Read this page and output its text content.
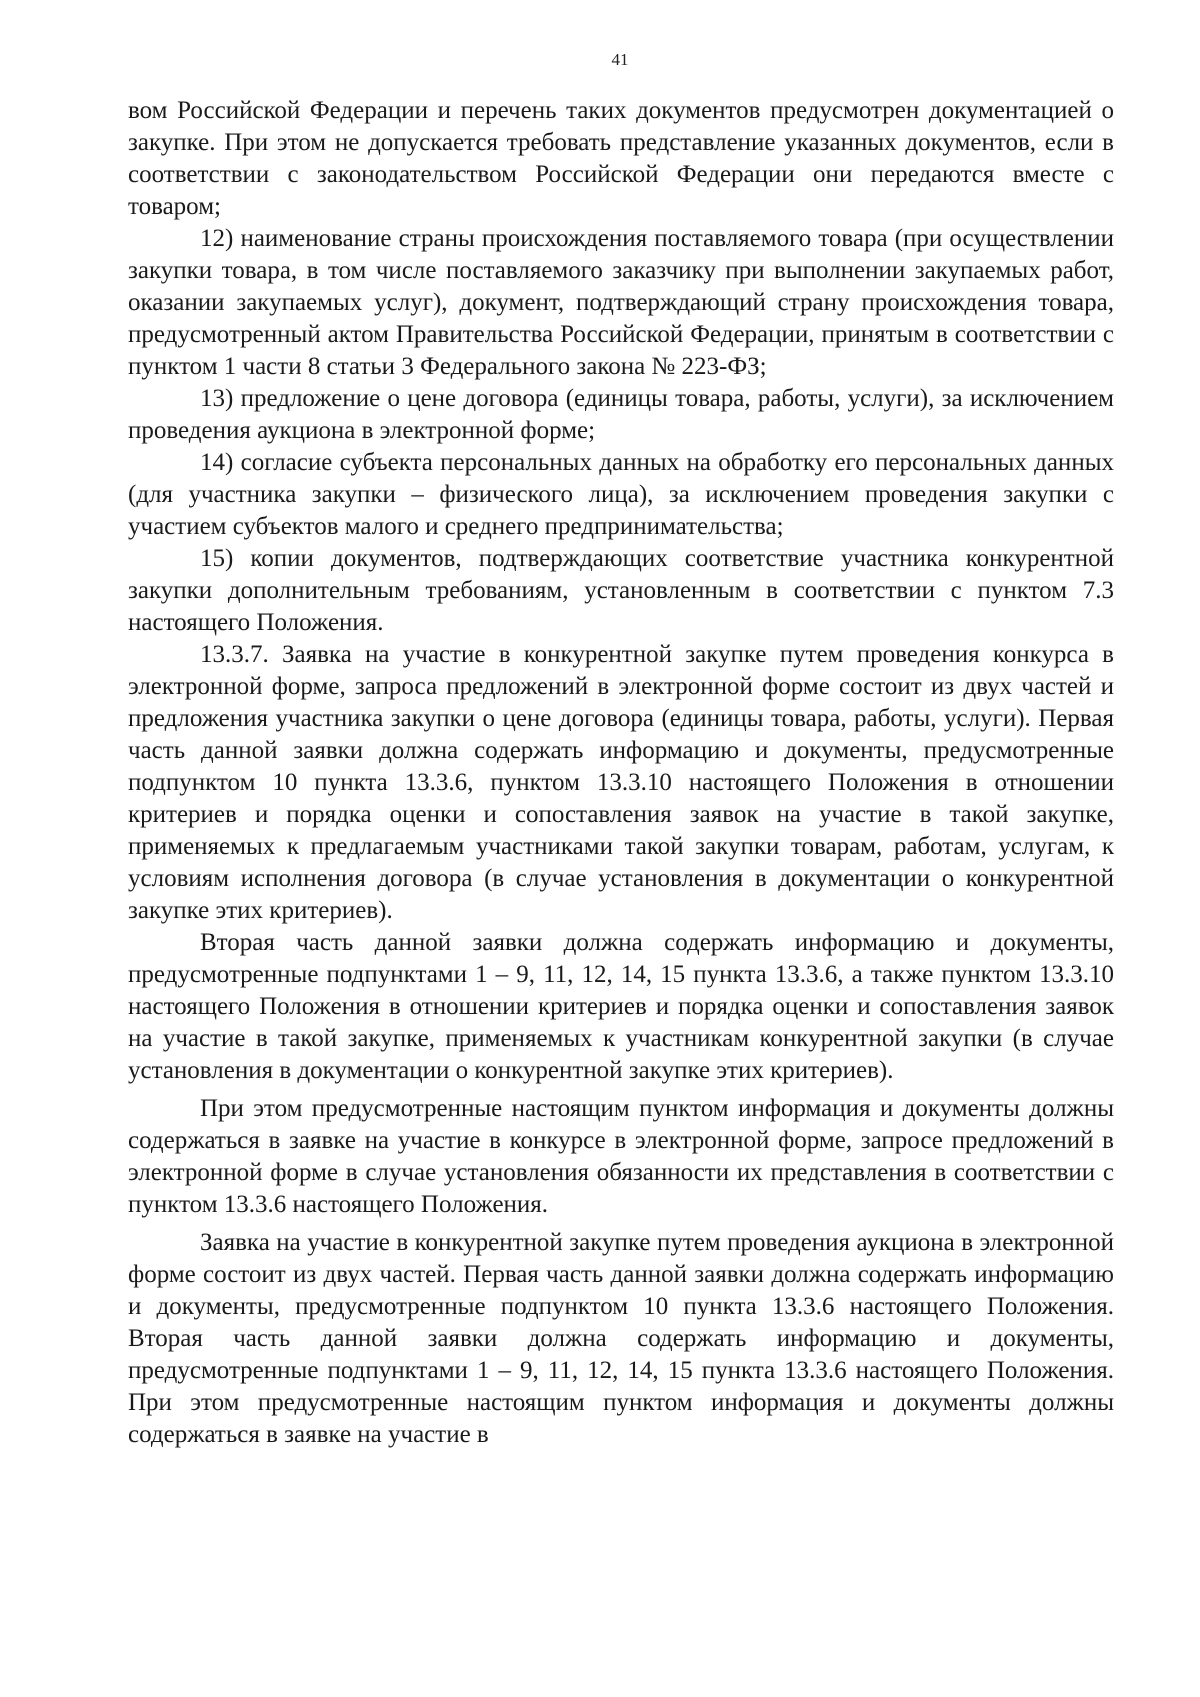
41

вом Российской Федерации и перечень таких документов предусмотрен документацией о закупке. При этом не допускается требовать представление указанных документов, если в соответствии с законодательством Российской Федерации они передаются вместе с товаром;

12) наименование страны происхождения поставляемого товара (при осуществлении закупки товара, в том числе поставляемого заказчику при выполнении закупаемых работ, оказании закупаемых услуг), документ, подтверждающий страну происхождения товара, предусмотренный актом Правительства Российской Федерации, принятым в соответствии с пунктом 1 части 8 статьи 3 Федерального закона № 223-ФЗ;

13) предложение о цене договора (единицы товара, работы, услуги), за исключением проведения аукциона в электронной форме;

14) согласие субъекта персональных данных на обработку его персональных данных (для участника закупки – физического лица), за исключением проведения закупки с участием субъектов малого и среднего предпринимательства;

15) копии документов, подтверждающих соответствие участника конкурентной закупки дополнительным требованиям, установленным в соответствии с пунктом 7.3 настоящего Положения.

13.3.7. Заявка на участие в конкурентной закупке путем проведения конкурса в электронной форме, запроса предложений в электронной форме состоит из двух частей и предложения участника закупки о цене договора (единицы товара, работы, услуги). Первая часть данной заявки должна содержать информацию и документы, предусмотренные подпунктом 10 пункта 13.3.6, пунктом 13.3.10 настоящего Положения в отношении критериев и порядка оценки и сопоставления заявок на участие в такой закупке, применяемых к предлагаемым участниками такой закупки товарам, работам, услугам, к условиям исполнения договора (в случае установления в документации о конкурентной закупке этих критериев).

Вторая часть данной заявки должна содержать информацию и документы, предусмотренные подпунктами 1 – 9, 11, 12, 14, 15 пункта 13.3.6, а также пунктом 13.3.10 настоящего Положения в отношении критериев и порядка оценки и сопоставления заявок на участие в такой закупке, применяемых к участникам конкурентной закупки (в случае установления в документации о конкурентной закупке этих критериев).

При этом предусмотренные настоящим пунктом информация и документы должны содержаться в заявке на участие в конкурсе в электронной форме, запросе предложений в электронной форме в случае установления обязанности их представления в соответствии с пунктом 13.3.6 настоящего Положения.

Заявка на участие в конкурентной закупке путем проведения аукциона в электронной форме состоит из двух частей. Первая часть данной заявки должна содержать информацию и документы, предусмотренные подпунктом 10 пункта 13.3.6 настоящего Положения. Вторая часть данной заявки должна содержать информацию и документы, предусмотренные подпунктами 1 – 9, 11, 12, 14, 15 пункта 13.3.6 настоящего Положения. При этом предусмотренные настоящим пунктом информация и документы должны содержаться в заявке на участие в
